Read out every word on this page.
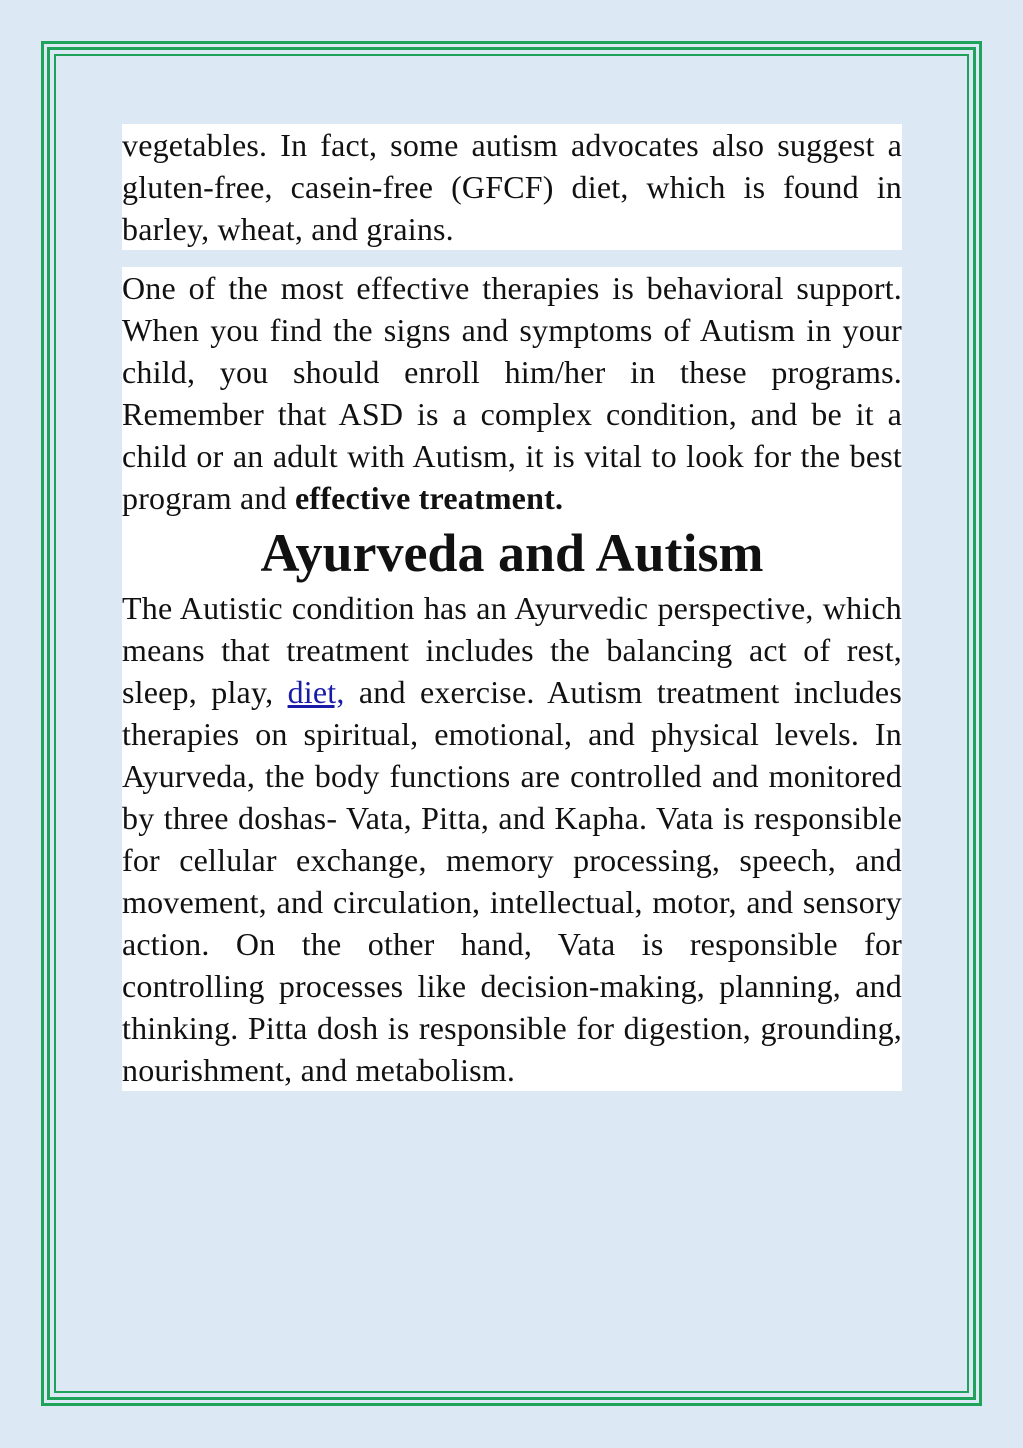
vegetables. In fact, some autism advocates also suggest a gluten-free, casein-free (GFCF) diet, which is found in barley, wheat, and grains.

One of the most effective therapies is behavioral support. When you find the signs and symptoms of Autism in your child, you should enroll him/her in these programs. Remember that ASD is a complex condition, and be it a child or an adult with Autism, it is vital to look for the best program and effective treatment.

Ayurveda and Autism

The Autistic condition has an Ayurvedic perspective, which means that treatment includes the balancing act of rest, sleep, play, diet, and exercise. Autism treatment includes therapies on spiritual, emotional, and physical levels. In Ayurveda, the body functions are controlled and monitored by three doshas- Vata, Pitta, and Kapha. Vata is responsible for cellular exchange, memory processing, speech, and movement, and circulation, intellectual, motor, and sensory action. On the other hand, Vata is responsible for controlling processes like decision-making, planning, and thinking. Pitta dosh is responsible for digestion, grounding, nourishment, and metabolism.
